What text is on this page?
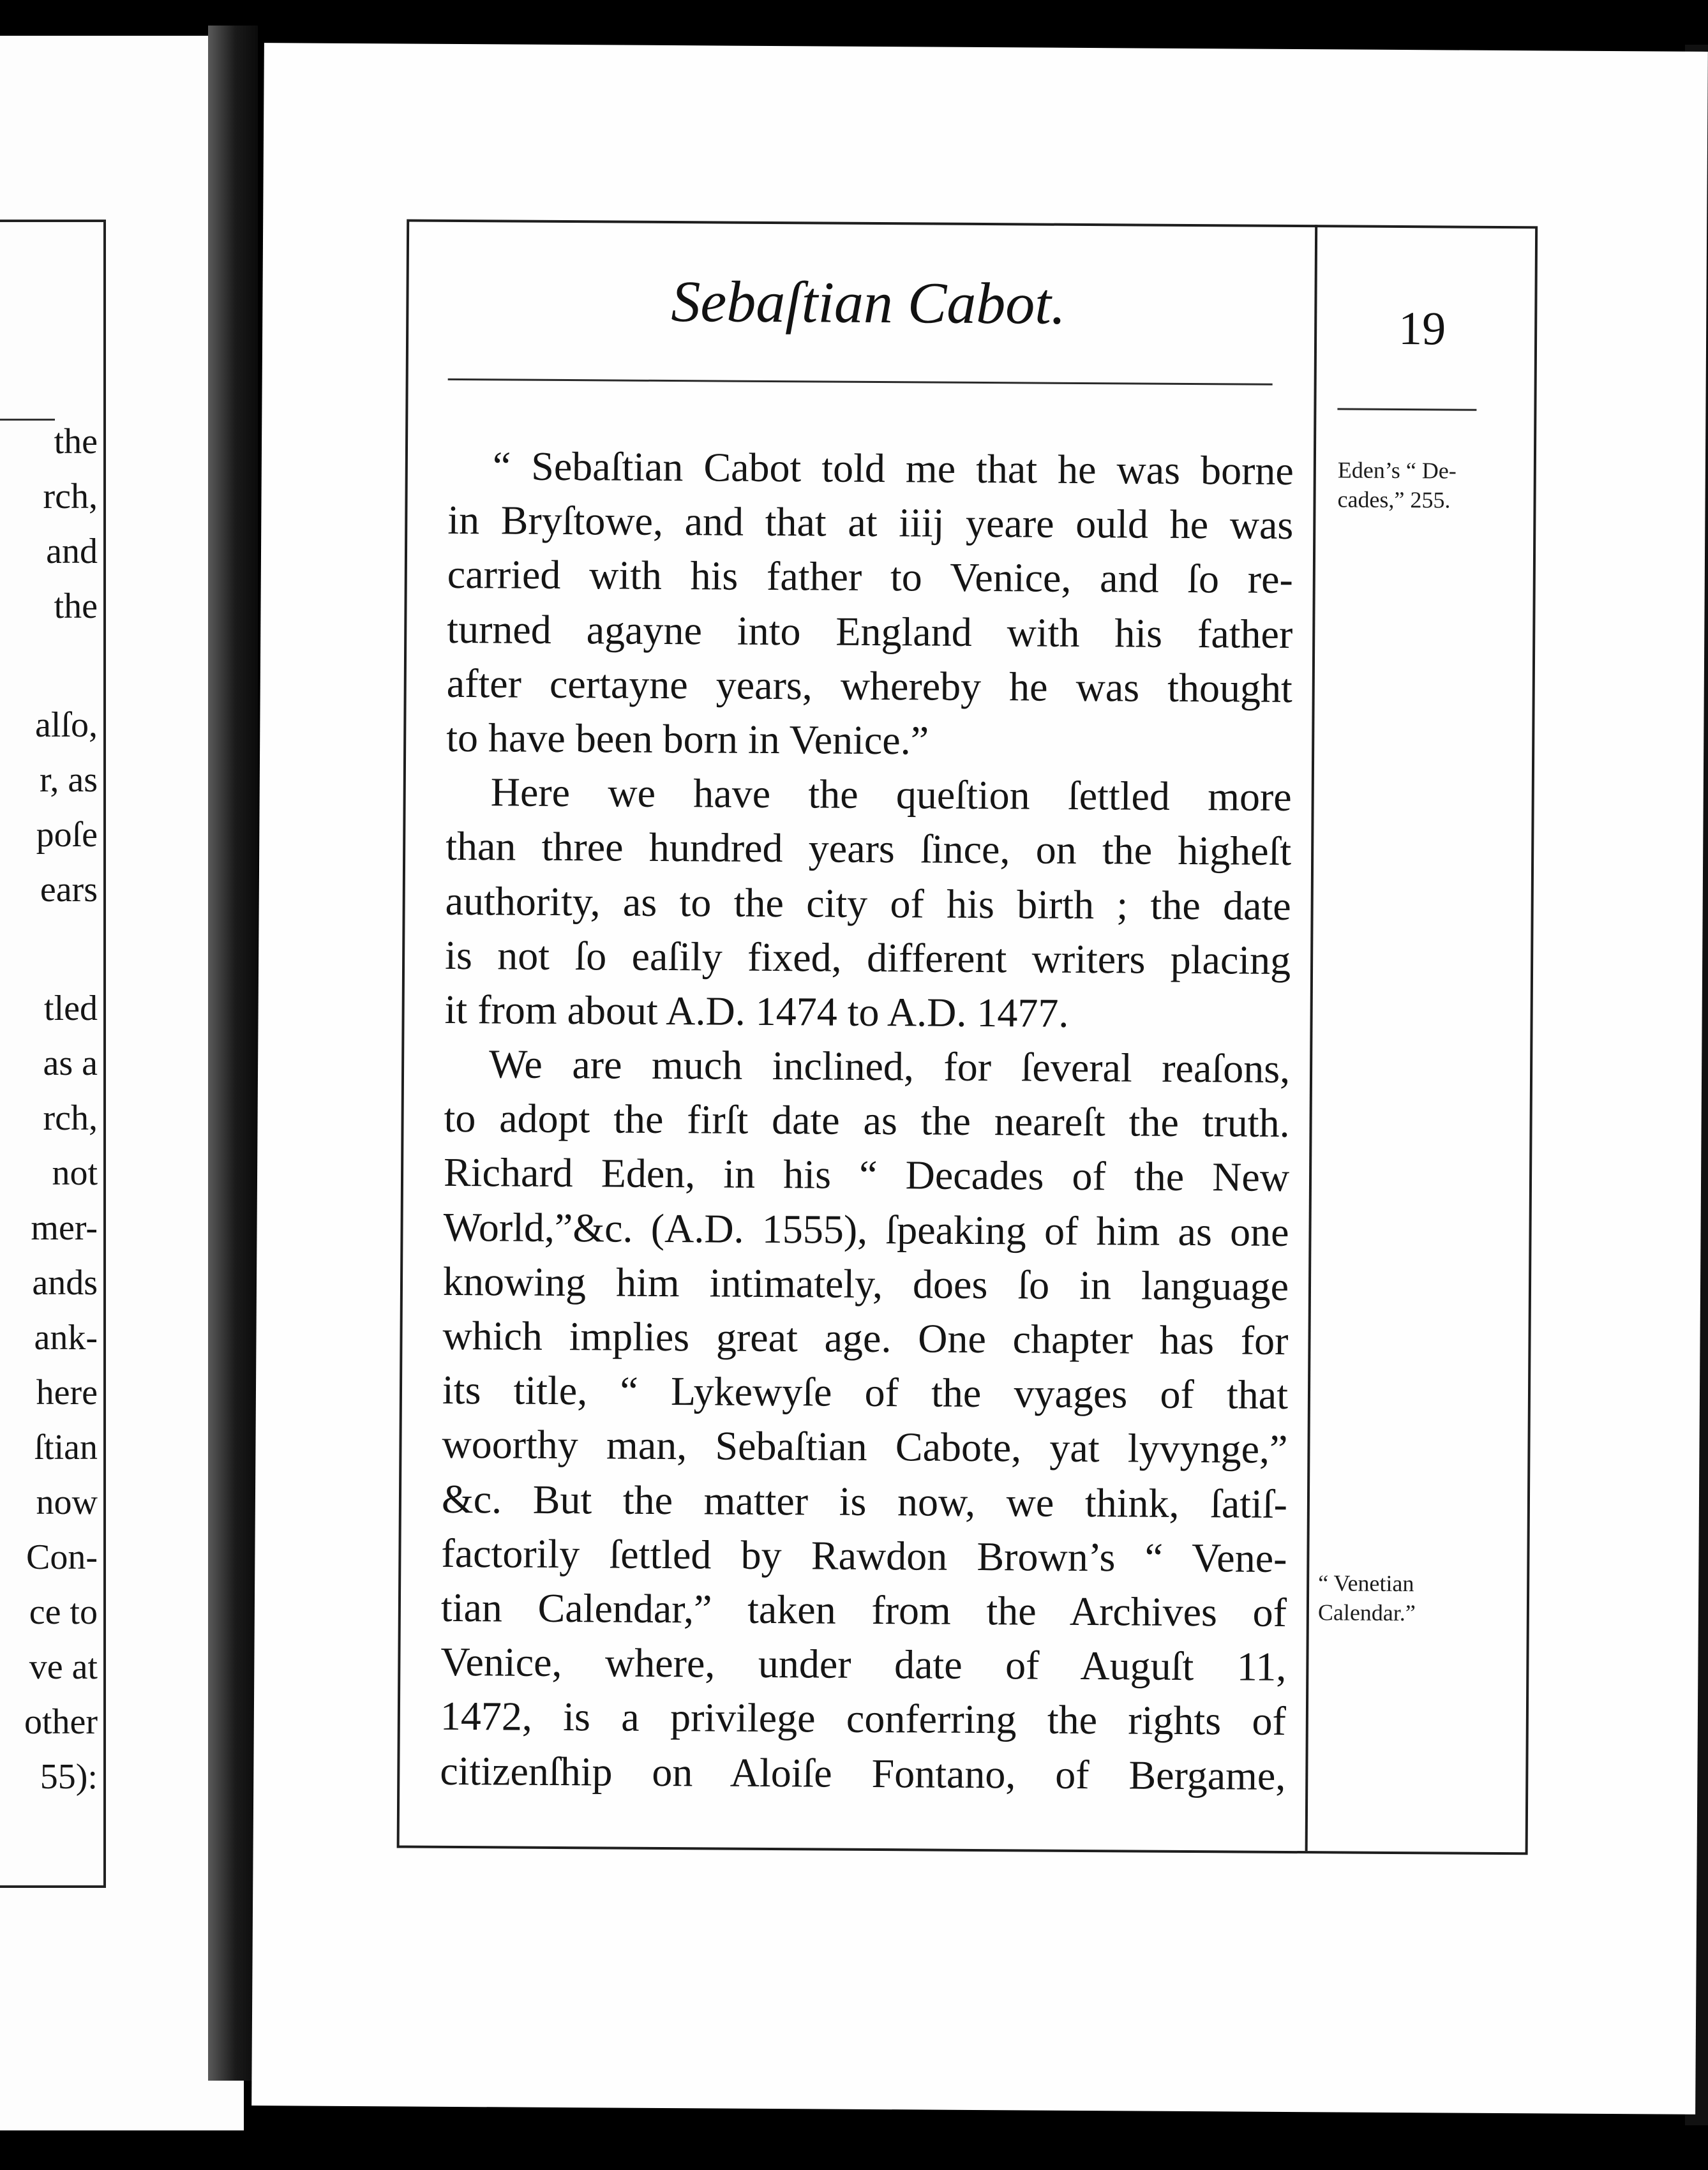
the
rch,
and
the
alſo,
r, as
poſe
ears
tled
as a
rch,
not
mer-
ands
ank-
here
ſtian
now
Con-
ce to
ve at
other
55):
Sebaſtian Cabot.	19
“ Sebaſtian Cabot told me that he was borne
in Bryſtowe, and that at iiij yeare ould he was
carried with his father to Venice, and ſo re-
turned agayne into England with his father
after certayne years, whereby he was thought
to have been born in Venice.”
Here we have the queſtion ſettled more
than three hundred years ſince, on the higheſt
authority, as to the city of his birth ; the date
is not ſo eaſily fixed, different writers placing
it from about A.D. 1474 to A.D. 1477.
We are much inclined, for ſeveral reaſons,
to adopt the firſt date as the neareſt the truth.
Richard Eden, in his “ Decades of the New
World,”&c. (A.D. 1555), ſpeaking of him as one
knowing him intimately, does ſo in language
which implies great age. One chapter has for
its title, “ Lykewyſe of the vyages of that
woorthy man, Sebaſtian Cabote, yat lyvynge,”
&c. But the matter is now, we think, ſatiſ-
factorily ſettled by Rawdon Brown’s “ Vene-
tian Calendar,” taken from the Archives of
Venice, where, under date of Auguſt 11,
1472, is a privilege conferring the rights of
citizenſhip on Aloiſe Fontano, of Bergame,
Eden’s “ De-
cades,” 255.
“ Venetian
Calendar.”
